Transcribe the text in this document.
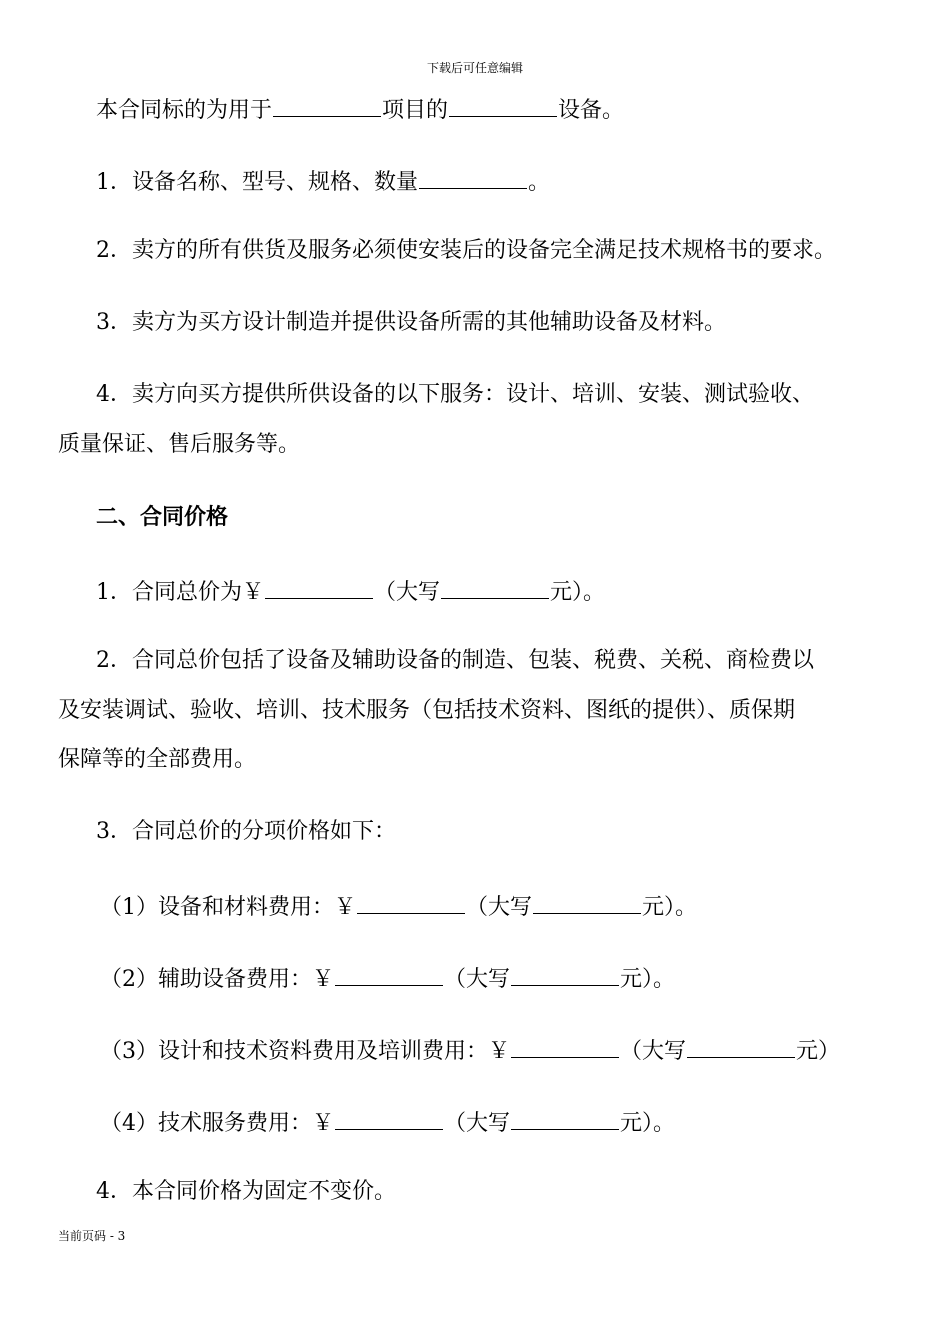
下载后可任意编辑
本合同标的为用于	项目的	设备。
1．设备名称、型号、规格、数量	。
2．卖方的所有供货及服务必须使安装后的设备完全满足技术规格书的要求。
3．卖方为买方设计制造并提供设备所需的其他辅助设备及材料。
4．卖方向买方提供所供设备的以下服务：设计、培训、安装、测试验收、
质量保证、售后服务等。
二、合同价格
1．合同总价为￥	（大写	元）。
2．合同总价包括了设备及辅助设备的制造、包装、税费、关税、商检费以
及安装调试、验收、培训、技术服务（包括技术资料、图纸的提供）、质保期
保障等的全部费用。
3．合同总价的分项价格如下：
（1）设备和材料费用：￥	（大写	元）。
（2）辅助设备费用：￥	（大写	元）。
（3）设计和技术资料费用及培训费用：￥	（大写	元）
（4）技术服务费用：￥	（大写	元）。
4．本合同价格为固定不变价。
当前页码 - 3
